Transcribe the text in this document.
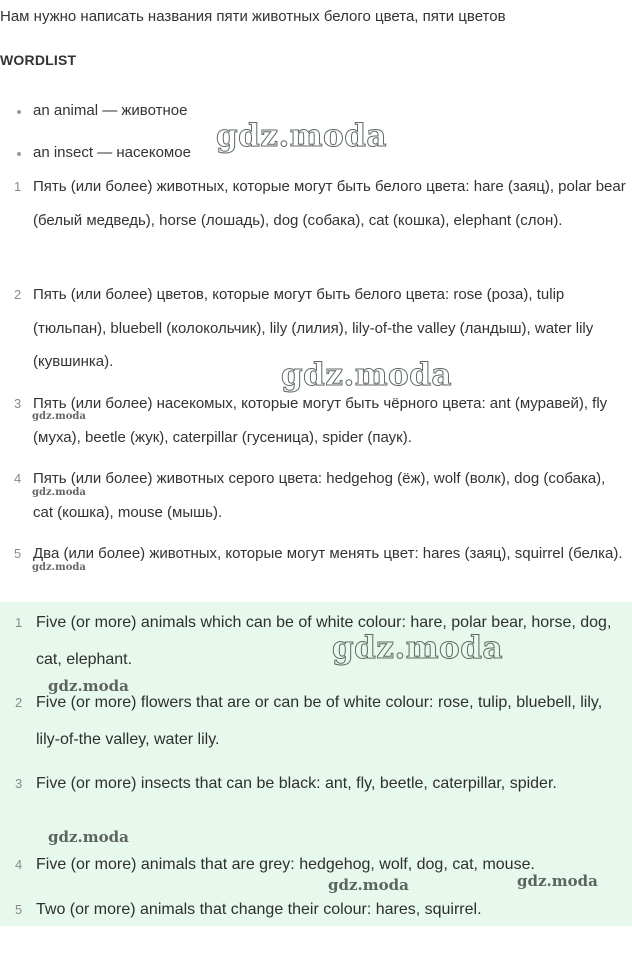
Нам нужно написать названия пяти животных белого цвета, пяти цветов
WORDLIST
an animal — животное
an insect — насекомое
1 Пять (или более) животных, которые могут быть белого цвета: hare (заяц), polar bear (белый медведь), horse (лошадь), dog (собака), cat (кошка), elephant (слон).
2 Пять (или более) цветов, которые могут быть белого цвета: rose (роза), tulip (тюльпан), bluebell (колокольчик), lily (лилия), lily-of-the valley (ландыш), water lily (кувшинка).
3 Пять (или более) насекомых, которые могут быть чёрного цвета: ant (муравей), fly (муха), beetle (жук), caterpillar (гусеница), spider (паук).
4 Пять (или более) животных серого цвета: hedgehog (ёж), wolf (волк), dog (собака), cat (кошка), mouse (мышь).
5 Два (или более) животных, которые могут менять цвет: hares (заяц), squirrel (белка).
1 Five (or more) animals which can be of white colour: hare, polar bear, horse, dog, cat, elephant.
2 Five (or more) flowers that are or can be of white colour: rose, tulip, bluebell, lily, lily-of-the valley, water lily.
3 Five (or more) insects that can be black: ant, fly, beetle, caterpillar, spider.
4 Five (or more) animals that are grey: hedgehog, wolf, dog, cat, mouse.
5 Two (or more) animals that change their colour: hares, squirrel.
gdz.moda
gdz.moda
gdz.moda
gdz.moda
gdz.moda
gdz.moda
gdz.moda
gdz.moda
gdz.moda	gdz.moda
